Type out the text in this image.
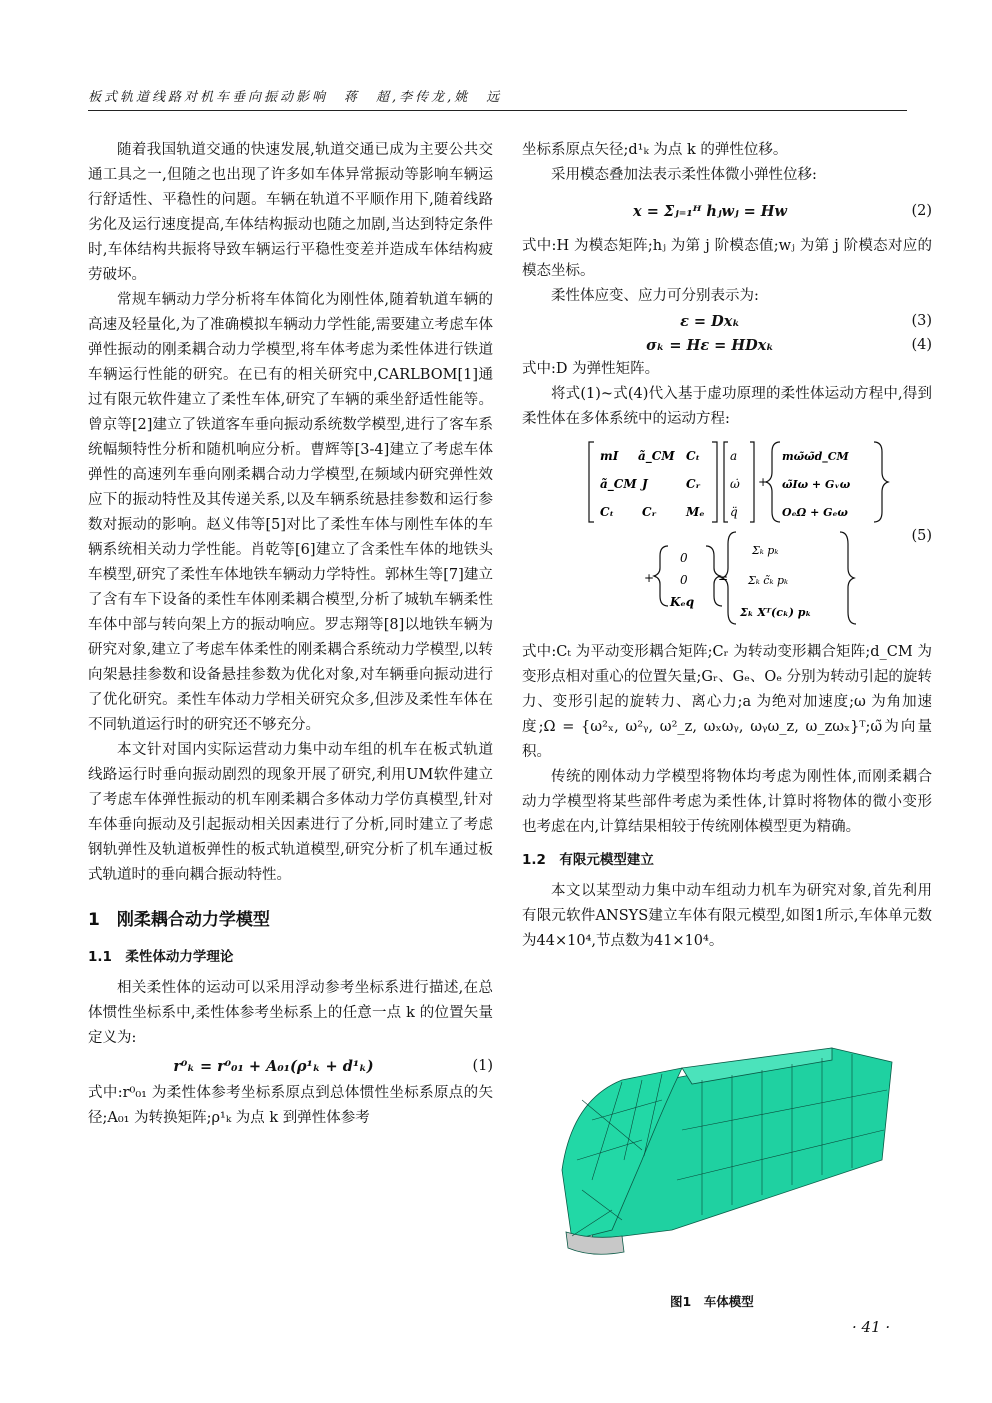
板式轨道线路对机车垂向振动影响　蒋　超,李传龙,姚　远

随着我国轨道交通的快速发展,轨道交通已成为主要公共交通工具之一,但随之也出现了许多如车体异常振动等影响车辆运行舒适性、平稳性的问题。车辆在轨道不平顺作用下,随着线路劣化及运行速度提高,车体结构振动也随之加剧,当达到特定条件时,车体结构共振将导致车辆运行平稳性变差并造成车体结构疲劳破坏。

常规车辆动力学分析将车体简化为刚性体,随着轨道车辆的高速及轻量化,为了准确模拟车辆动力学性能,需要建立考虑车体弹性振动的刚柔耦合动力学模型,将车体考虑为柔性体进行铁道车辆运行性能的研究。在已有的相关研究中,CARLBOM[1]通过有限元软件建立了柔性车体,研究了车辆的乘坐舒适性能等。曾京等[2]建立了铁道客车垂向振动系统数学模型,进行了客车系统幅频特性分析和随机响应分析。曹辉等[3-4]建立了考虑车体弹性的高速列车垂向刚柔耦合动力学模型,在频域内研究弹性效应下的振动特性及其传递关系,以及车辆系统悬挂参数和运行参数对振动的影响。赵义伟等[5]对比了柔性车体与刚性车体的车辆系统相关动力学性能。肖乾等[6]建立了含柔性车体的地铁头车模型,研究了柔性车体地铁车辆动力学特性。郭林生等[7]建立了含有车下设备的柔性车体刚柔耦合模型,分析了城轨车辆柔性车体中部与转向架上方的振动响应。罗志翔等[8]以地铁车辆为研究对象,建立了考虑车体柔性的刚柔耦合系统动力学模型,以转向架悬挂参数和设备悬挂参数为优化对象,对车辆垂向振动进行了优化研究。柔性车体动力学相关研究众多,但涉及柔性车体在不同轨道运行时的研究还不够充分。

本文针对国内实际运营动力集中动车组的机车在板式轨道线路运行时垂向振动剧烈的现象开展了研究,利用UM软件建立了考虑车体弹性振动的机车刚柔耦合多体动力学仿真模型,针对车体垂向振动及引起振动相关因素进行了分析,同时建立了考虑钢轨弹性及轨道板弹性的板式轨道模型,研究分析了机车通过板式轨道时的垂向耦合振动特性。

1　刚柔耦合动力学模型
1.1　柔性体动力学理论

相关柔性体的运动可以采用浮动参考坐标系进行描述,在总体惯性坐标系中,柔性体参考坐标系上的任意一点 k 的位置矢量定义为:

r⁰ₖ = r⁰₀₁ + A₀₁(ρ¹ₖ + d¹ₖ)	(1)

式中:r⁰₀₁ 为柔性体参考坐标系原点到总体惯性坐标系原点的矢径;A₀₁ 为转换矩阵;ρ¹ₖ 为点 k 到弹性体参考

坐标系原点矢径;d¹ₖ 为点 k 的弹性位移。

采用模态叠加法表示柔性体微小弹性位移:

x = Σⱼ₌₁ᴴ hⱼwⱼ = Hw	(2)

式中:H 为模态矩阵;hⱼ 为第 j 阶模态值;wⱼ 为第 j 阶模态对应的模态坐标。

柔性体应变、应力可分别表示为:

ε = Dxₖ	(3)
σₖ = Hε = HDxₖ	(4)

式中:D 为弹性矩阵。

将式(1)~式(4)代入基于虚功原理的柔性体运动方程中,得到柔性体在多体系统中的运动方程:

mI ã_CM Cₜ
ã_CM J	Cᵣ
Cₜ Cᵣ Mₑ
a
ω̇
q̈
+
mω̃ω̃d_CM
ω̃Iω + Gᵥω
OₑΩ + Gₑω
+
0
0
Kₑq
=
Σₖ pₖ
Σₖ c̃ₖ pₖ
Σₖ Xᵀ(cₖ) pₖ
(5)

式中:Cₜ 为平动变形耦合矩阵;Cᵣ 为转动变形耦合矩阵;d_CM 为变形点相对重心的位置矢量;Gᵣ、Gₑ、Oₑ 分别为转动引起的旋转力、变形引起的旋转力、离心力;a 为绝对加速度;ω 为角加速度;Ω = {ω²ₓ, ω²ᵧ, ω²_z, ωₓωᵧ, ωᵧω_z, ω_zωₓ}ᵀ;ω̃为向量积。

传统的刚体动力学模型将物体均考虑为刚性体,而刚柔耦合动力学模型将某些部件考虑为柔性体,计算时将物体的微小变形也考虑在内,计算结果相较于传统刚体模型更为精确。

1.2　有限元模型建立

本文以某型动力集中动车组动力机车为研究对象,首先利用有限元软件ANSYS建立车体有限元模型,如图1所示,车体单元数为44×10⁴,节点数为41×10⁴。

图1　车体模型
· 41 ·
